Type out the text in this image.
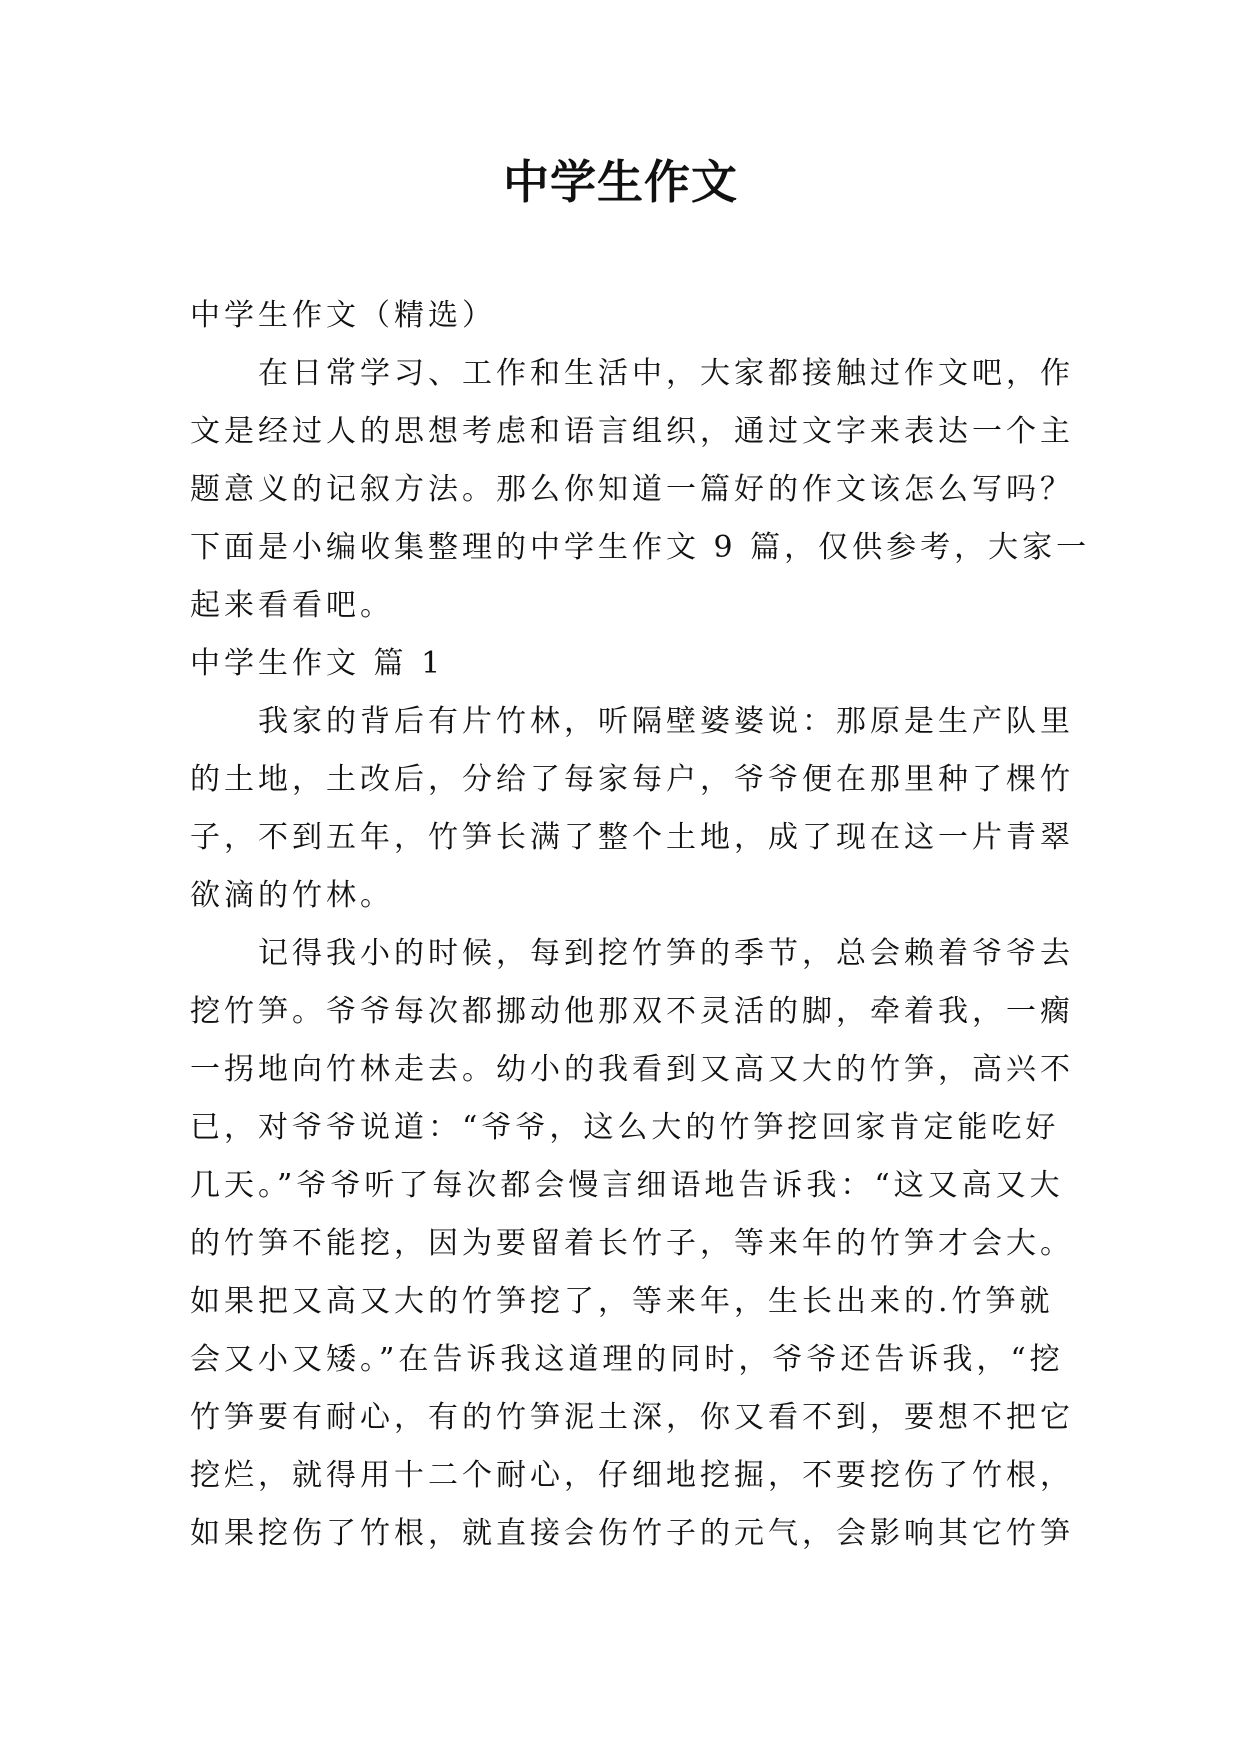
中学生作文
中学生作文（精选）
在日常学习、工作和生活中，大家都接触过作文吧，作
文是经过人的思想考虑和语言组织，通过文字来表达一个主
题意义的记叙方法。那么你知道一篇好的作文该怎么写吗？
下面是小编收集整理的中学生作文 9 篇，仅供参考，大家一
起来看看吧。
中学生作文 篇 1
我家的背后有片竹林，听隔壁婆婆说：那原是生产队里
的土地，土改后，分给了每家每户，爷爷便在那里种了棵竹
子，不到五年，竹笋长满了整个土地，成了现在这一片青翠
欲滴的竹林。
记得我小的时候，每到挖竹笋的季节，总会赖着爷爷去
挖竹笋。爷爷每次都挪动他那双不灵活的脚，牵着我，一瘸
一拐地向竹林走去。幼小的我看到又高又大的竹笋，高兴不
已，对爷爷说道：“爷爷，这么大的竹笋挖回家肯定能吃好
几天。”爷爷听了每次都会慢言细语地告诉我：“这又高又大
的竹笋不能挖，因为要留着长竹子，等来年的竹笋才会大。
如果把又高又大的竹笋挖了，等来年，生长出来的.竹笋就
会又小又矮。”在告诉我这道理的同时，爷爷还告诉我，“挖
竹笋要有耐心，有的竹笋泥土深，你又看不到，要想不把它
挖烂，就得用十二个耐心，仔细地挖掘，不要挖伤了竹根，
如果挖伤了竹根，就直接会伤竹子的元气，会影响其它竹笋
